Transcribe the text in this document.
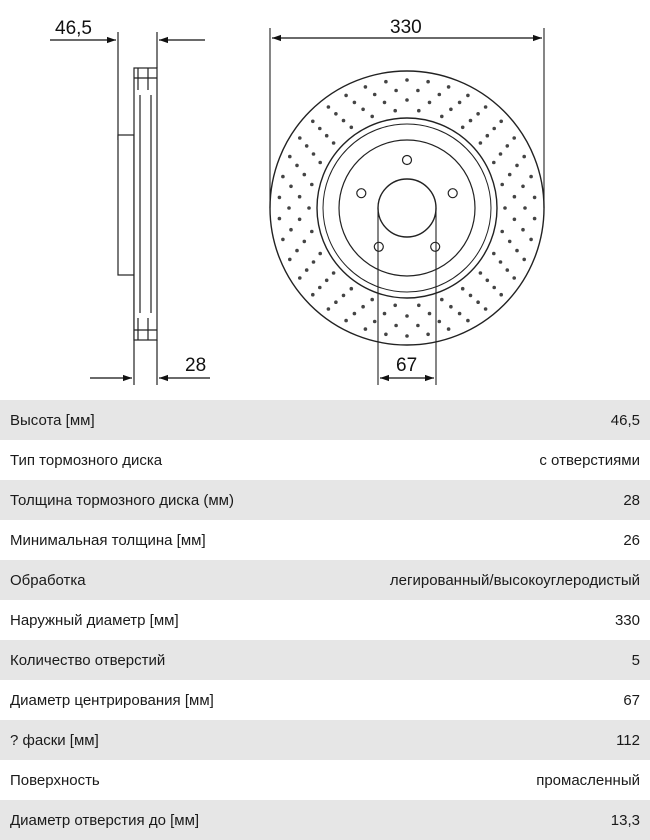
46,5
28
330
67
Высота [мм]	46,5
Тип тормозного диска	с отверстиями
Толщина тормозного диска (мм)	28
Минимальная толщина [мм]	26
Обработка	легированный/высокоуглеродистый
Наружный диаметр [мм]	330
Количество отверстий	5
Диаметр центрирования [мм]	67
? фаски [мм]	112
Поверхность	промасленный
Диаметр отверстия до [мм]	13,3
